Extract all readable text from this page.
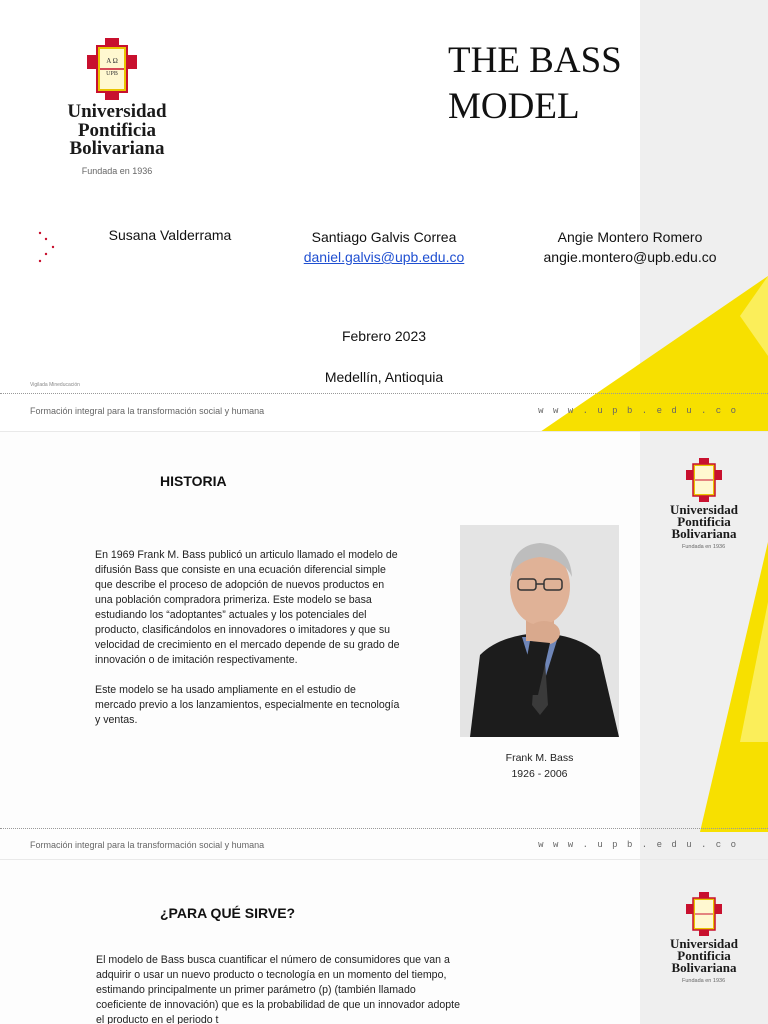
A Ω
UPB
Universidad
Pontificia
Bolivariana
Fundada en 1936
THE BASS
MODEL
Susana Valderrama	Santiago Galvis Correa
daniel.galvis@upb.edu.co
Angie Montero Romero
angie.montero@upb.edu.co
Febrero 2023
Medellín, Antioquia
Vigilada Mineducación
Formación integral para la transformación social y humana	w w w . u p b . e d u . c o
Universidad
Pontificia
Bolivariana
Fundada en 1936
HISTORIA
En 1969 Frank M. Bass publicó un articulo llamado el modelo de difusión Bass que consiste en una ecuación diferencial simple que describe el proceso de adopción de nuevos productos en una población compradora primeriza. Este modelo se basa estudiando los “adoptantes” actuales y los potenciales del producto, clasificándolos en innovadores o imitadores y que su velocidad de crecimiento en el mercado depende de su grado de innovación o de imitación respectivamente.
Este modelo se ha usado ampliamente en el estudio de mercado previo a los lanzamientos, especialmente en tecnología y ventas.
Frank M. Bass
1926 - 2006
Formación integral para la transformación social y humana	w w w . u p b . e d u . c o
Universidad
Pontificia
Bolivariana
Fundada en 1936
¿PARA QUÉ SIRVE?
El modelo de Bass busca cuantificar el número de consumidores que van a adquirir o usar un nuevo producto o tecnología en un momento del tiempo, estimando principalmente un primer parámetro (p) (también llamado coeficiente de innovación) que es la probabilidad de que un innovador adopte el producto en el periodo t
